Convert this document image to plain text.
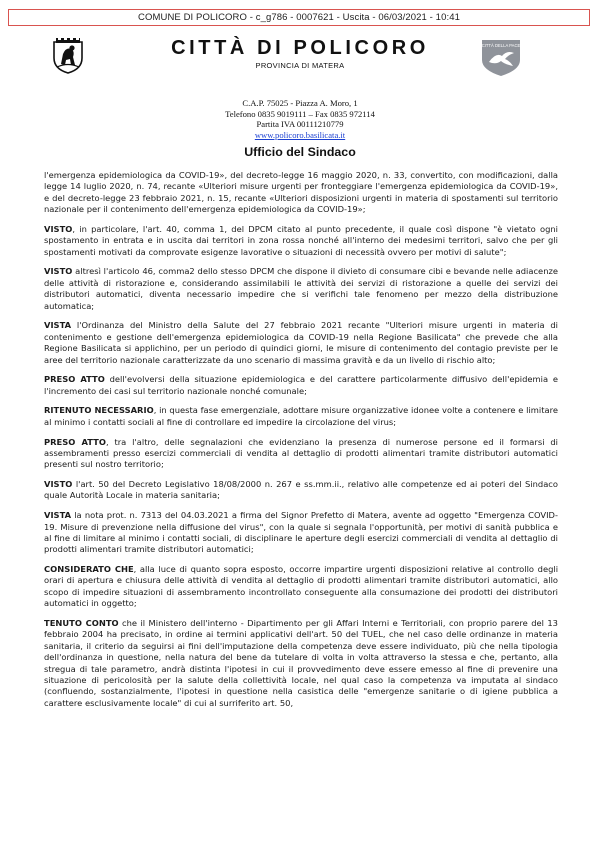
COMUNE DI POLICORO - c_g786 - 0007621 - Uscita - 06/03/2021 - 10:41
CITTÀ DELLA PACE
CITTÀ DI POLICORO
PROVINCIA DI MATERA
C.A.P. 75025 - Piazza A. Moro, 1
Telefono 0835 9019111 – Fax 0835 972114
Partita IVA 00111210779
www.policoro.basilicata.it
Ufficio del Sindaco

l'emergenza epidemiologica da COVID-19», del decreto-legge 16 maggio 2020, n. 33, convertito, con modificazioni, dalla legge 14 luglio 2020, n. 74, recante «Ulteriori misure urgenti per fronteggiare l'emergenza epidemiologica da COVID-19», e del decreto-legge 23 febbraio 2021, n. 15, recante «Ulteriori disposizioni urgenti in materia di spostamenti sul territorio nazionale per il contenimento dell'emergenza epidemiologica da COVID-19»;

VISTO, in particolare, l'art. 40, comma 1, del DPCM citato al punto precedente, il quale così dispone "è vietato ogni spostamento in entrata e in uscita dai territori in zona rossa nonché all'interno dei medesimi territori, salvo che per gli spostamenti motivati da comprovate esigenze lavorative o situazioni di necessità ovvero per motivi di salute";

VISTO altresì l'articolo 46, comma2 dello stesso DPCM che dispone il divieto di consumare cibi e bevande nelle adiacenze delle attività di ristorazione e, considerando assimilabili le attività dei servizi di ristorazione a quelle dei servizi dei distributori automatici, diventa necessario impedire che si verifichi tale fenomeno per mezzo della distribuzione automatica;

VISTA l'Ordinanza del Ministro della Salute del 27 febbraio 2021 recante "Ulteriori misure urgenti in materia di contenimento e gestione dell'emergenza epidemiologica da COVID-19 nella Regione Basilicata" che prevede che alla Regione Basilicata si applichino, per un periodo di quindici giorni, le misure di contenimento del contagio previste per le aree del territorio nazionale caratterizzate da uno scenario di massima gravità e da un livello di rischio alto;

PRESO ATTO dell'evolversi della situazione epidemiologica e del carattere particolarmente diffusivo dell'epidemia e l'incremento dei casi sul territorio nazionale nonché comunale;

RITENUTO NECESSARIO, in questa fase emergenziale, adottare misure organizzative idonee volte a contenere e limitare al minimo i contatti sociali al fine di controllare ed impedire la circolazione del virus;

PRESO ATTO, tra l'altro, delle segnalazioni che evidenziano la presenza di numerose persone ed il formarsi di assembramenti presso esercizi commerciali di vendita al dettaglio di prodotti alimentari tramite distributori automatici presenti sul nostro territorio;

VISTO l'art. 50 del Decreto Legislativo 18/08/2000 n. 267 e ss.mm.ii., relativo alle competenze ed ai poteri del Sindaco quale Autorità Locale in materia sanitaria;

VISTA la nota prot. n. 7313 del 04.03.2021 a firma del Signor Prefetto di Matera, avente ad oggetto "Emergenza COVID-19. Misure di prevenzione nella diffusione del virus", con la quale si segnala l'opportunità, per motivi di sanità pubblica e al fine di limitare al minimo i contatti sociali, di disciplinare le aperture degli esercizi commerciali di vendita al dettaglio di prodotti alimentari tramite distributori automatici;

CONSIDERATO CHE, alla luce di quanto sopra esposto, occorre impartire urgenti disposizioni relative al controllo degli orari di apertura e chiusura delle attività di vendita al dettaglio di prodotti alimentari tramite distributori automatici, allo scopo di impedire situazioni di assembramento incontrollato conseguente alla consumazione dei prodotti dei distributori automatici in oggetto;

TENUTO CONTO che il Ministero dell'interno - Dipartimento per gli Affari Interni e Territoriali, con proprio parere del 13 febbraio 2004 ha precisato, in ordine ai termini applicativi dell'art. 50 del TUEL, che nel caso delle ordinanze in materia sanitaria, il criterio da seguirsi ai fini dell'imputazione della competenza deve essere individuato, più che nella tipologia dell'ordinanza in questione, nella natura del bene da tutelare di volta in volta attraverso la stessa e che, pertanto, alla stregua di tale parametro, andrà distinta l'ipotesi in cui il provvedimento deve essere emesso al fine di prevenire una situazione di pericolosità per la salute della collettività locale, nel qual caso la competenza va imputata al sindaco (confluendo, sostanzialmente, l'ipotesi in questione nella casistica delle "emergenze sanitarie o di igiene pubblica a carattere esclusivamente locale" di cui al surriferito art. 50,
